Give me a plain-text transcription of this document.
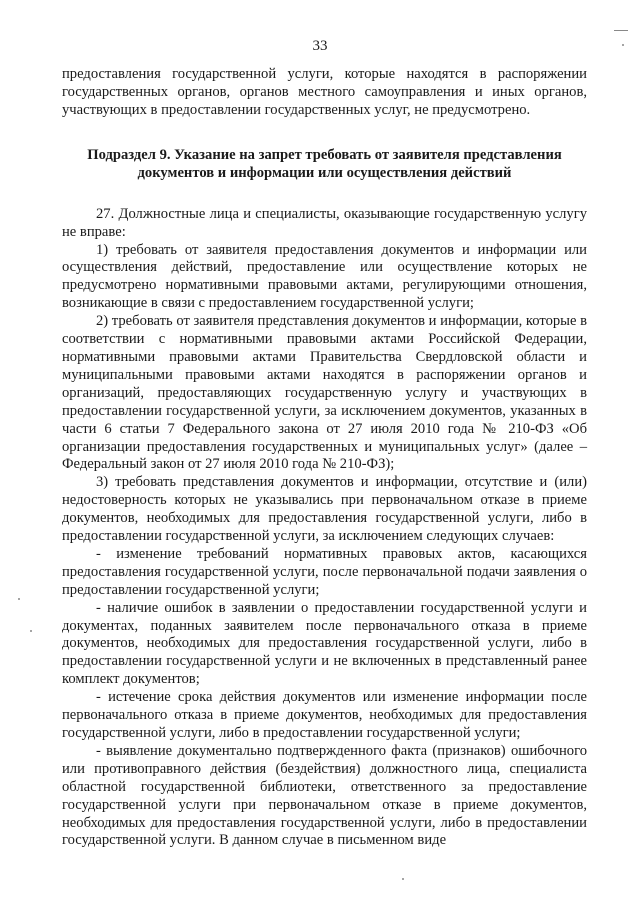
33

предоставления государственной услуги, которые находятся в распоряжении государственных органов, органов местного самоуправления и иных органов, участвующих в предоставлении государственных услуг, не предусмотрено.

Подраздел 9. Указание на запрет требовать от заявителя представления документов и информации или осуществления действий

27. Должностные лица и специалисты, оказывающие государственную услугу не вправе:

1) требовать от заявителя предоставления документов и информации или осуществления действий, предоставление или осуществление которых не предусмотрено нормативными правовыми актами, регулирующими отношения, возникающие в связи с предоставлением государственной услуги;

2) требовать от заявителя представления документов и информации, которые в соответствии с нормативными правовыми актами Российской Федерации, нормативными правовыми актами Правительства Свердловской области и муниципальными правовыми актами находятся в распоряжении органов и организаций, предоставляющих государственную услугу и участвующих в предоставлении государственной услуги, за исключением документов, указанных в части 6 статьи 7 Федерального закона от 27 июля 2010 года № 210-ФЗ «Об организации предоставления государственных и муниципальных услуг» (далее – Федеральный закон от 27 июля 2010 года № 210-ФЗ);

3) требовать представления документов и информации, отсутствие и (или) недостоверность которых не указывались при первоначальном отказе в приеме документов, необходимых для предоставления государственной услуги, либо в предоставлении государственной услуги, за исключением следующих случаев:

- изменение требований нормативных правовых актов, касающихся предоставления государственной услуги, после первоначальной подачи заявления о предоставлении государственной услуги;

- наличие ошибок в заявлении о предоставлении государственной услуги и документах, поданных заявителем после первоначального отказа в приеме документов, необходимых для предоставления государственной услуги, либо в предоставлении государственной услуги и не включенных в представленный ранее комплект документов;

- истечение срока действия документов или изменение информации после первоначального отказа в приеме документов, необходимых для предоставления государственной услуги, либо в предоставлении государственной услуги;

- выявление документально подтвержденного факта (признаков) ошибочного или противоправного действия (бездействия) должностного лица, специалиста областной государственной библиотеки, ответственного за предоставление государственной услуги при первоначальном отказе в приеме документов, необходимых для предоставления государственной услуги, либо в предоставлении государственной услуги. В данном случае в письменном виде
